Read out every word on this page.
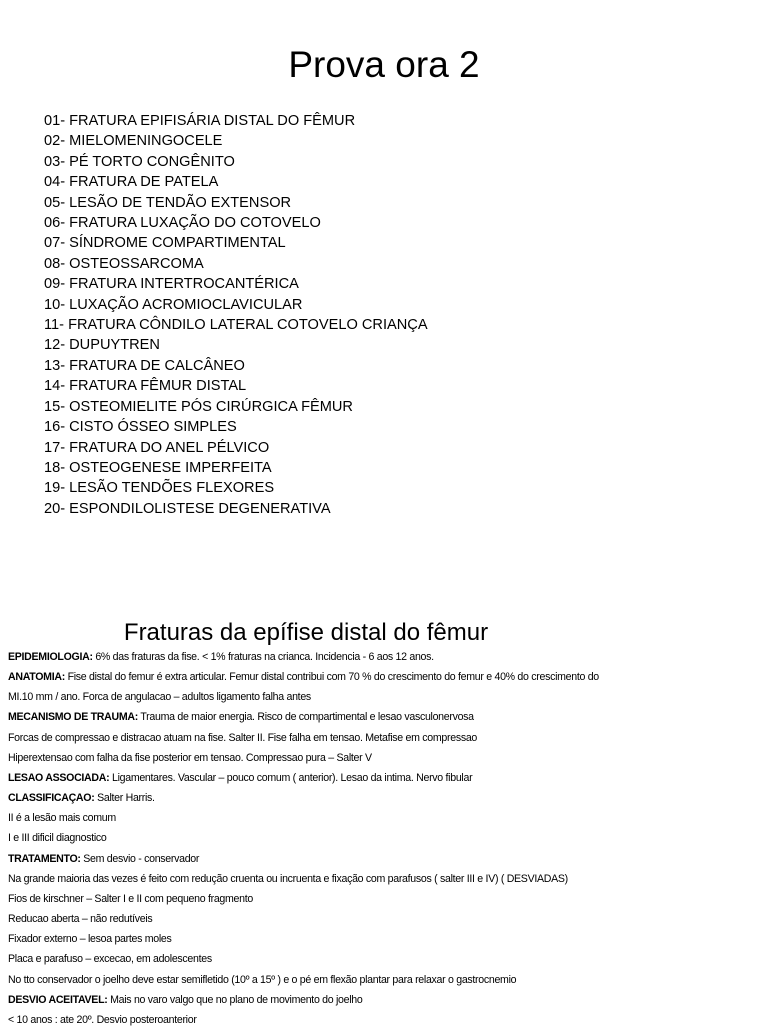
Prova ora 2
01- FRATURA EPIFISÁRIA DISTAL DO FÊMUR
02- MIELOMENINGOCELE
03- PÉ TORTO CONGÊNITO
04- FRATURA DE PATELA
05- LESÃO DE TENDÃO EXTENSOR
06- FRATURA LUXAÇÃO DO COTOVELO
07- SÍNDROME COMPARTIMENTAL
08- OSTEOSSARCOMA
09- FRATURA INTERTROCANTÉRICA
10- LUXAÇÃO ACROMIOCLAVICULAR
11- FRATURA CÔNDILO LATERAL COTOVELO CRIANÇA
12- DUPUYTREN
13- FRATURA DE CALCÂNEO
14- FRATURA FÊMUR DISTAL
15- OSTEOMIELITE PÓS CIRÚRGICA FÊMUR
16- CISTO ÓSSEO SIMPLES
17- FRATURA DO ANEL PÉLVICO
18- OSTEOGENESE IMPERFEITA
19- LESÃO TENDÕES FLEXORES
20- ESPONDILOLISTESE DEGENERATIVA
Fraturas da epífise distal do fêmur
EPIDEMIOLOGIA: 6% das fraturas da fise. < 1% fraturas na crianca. Incidencia - 6 aos 12 anos.
ANATOMIA: Fise distal do femur é extra articular. Femur distal contribui com 70 % do crescimento do femur e 40% do crescimento do
MI.10 mm / ano. Forca de angulacao – adultos ligamento falha antes
MECANISMO DE TRAUMA: Trauma de maior energia. Risco de compartimental e lesao vasculonervosa
Forcas de compressao e distracao atuam na fise. Salter II. Fise falha em tensao. Metafise em compressao
Hiperextensao com falha da fise posterior em tensao. Compressao pura – Salter V
LESAO ASSOCIADA: Ligamentares. Vascular – pouco comum ( anterior). Lesao da intima. Nervo fibular
CLASSIFICAÇAO: Salter Harris.
II é a lesão mais comum
I e III dificil diagnostico
TRATAMENTO: Sem desvio - conservador
Na grande maioria das vezes é feito com redução cruenta ou incruenta e fixação com parafusos ( salter III e IV) ( DESVIADAS)
Fios de kirschner – Salter I e II com pequeno fragmento
Reducao aberta – não redutíveis
Fixador externo – lesoa partes moles
Placa e parafuso – excecao, em adolescentes
No tto conservador o joelho deve estar semifletido (10º a 15º ) e o pé em flexão plantar para relaxar o gastrocnemio
DESVIO ACEITAVEL: Mais no varo valgo que no plano de movimento do joelho
< 10 anos : ate 20º. Desvio posteroanterior
